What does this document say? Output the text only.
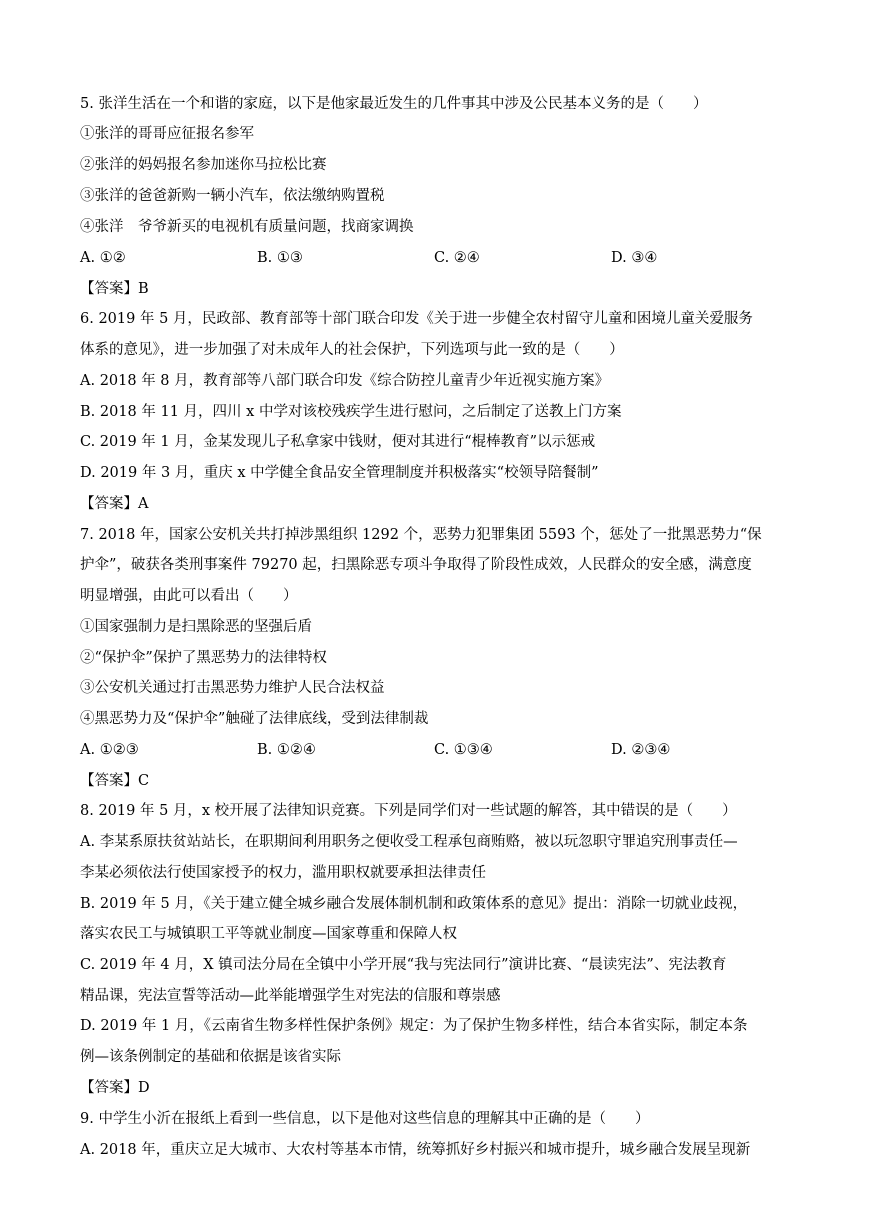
5. 张洋生活在一个和谐的家庭，以下是他家最近发生的几件事其中涉及公民基本义务的是（　　）
①张洋的哥哥应征报名参军
②张洋的妈妈报名参加迷你马拉松比赛
③张洋的爸爸新购一辆小汽车，依法缴纳购置税
④张洋　爷爷新买的电视机有质量问题，找商家调换
A. ①②	B. ①③	C. ②④	D. ③④
【答案】B
6. 2019 年 5 月，民政部、教育部等十部门联合印发《关于进一步健全农村留守儿童和困境儿童关爱服务
体系的意见》，进一步加强了对未成年人的社会保护，下列选项与此一致的是（　　）
A. 2018 年 8 月，教育部等八部门联合印发《综合防控儿童青少年近视实施方案》
B. 2018 年 11 月，四川 x 中学对该校残疾学生进行慰问，之后制定了送教上门方案
C. 2019 年 1 月，金某发现儿子私拿家中钱财，便对其进行“棍棒教育”以示惩戒
D. 2019 年 3 月，重庆 x 中学健全食品安全管理制度并积极落实“校领导陪餐制”
【答案】A
7. 2018 年，国家公安机关共打掉涉黑组织 1292 个，恶势力犯罪集团 5593 个，惩处了一批黑恶势力“保
护伞”，破获各类刑事案件 79270 起，扫黑除恶专项斗争取得了阶段性成效，人民群众的安全感，满意度
明显增强，由此可以看出（　　）
①国家强制力是扫黑除恶的坚强后盾
②“保护伞”保护了黑恶势力的法律特权
③公安机关通过打击黑恶势力维护人民合法权益
④黑恶势力及“保护伞”触碰了法律底线，受到法律制裁
A. ①②③	B. ①②④	C. ①③④	D. ②③④
【答案】C
8. 2019 年 5 月，x 校开展了法律知识竞赛。下列是同学们对一些试题的解答，其中错误的是（　　）
A. 李某系原扶贫站站长，在职期间利用职务之便收受工程承包商贿赂，被以玩忽职守罪追究刑事责任—
李某必须依法行使国家授予的权力，滥用职权就要承担法律责任
B. 2019 年 5 月，《关于建立健全城乡融合发展体制机制和政策体系的意见》提出：消除一切就业歧视，
落实农民工与城镇职工平等就业制度—国家尊重和保障人权
C. 2019 年 4 月，X 镇司法分局在全镇中小学开展“我与宪法同行”演讲比赛、“晨读宪法”、宪法教育
精品课，宪法宣誓等活动—此举能增强学生对宪法的信服和尊崇感
D. 2019 年 1 月，《云南省生物多样性保护条例》规定：为了保护生物多样性，结合本省实际，制定本条
例—该条例制定的基础和依据是该省实际
【答案】D
9. 中学生小沂在报纸上看到一些信息，以下是他对这些信息的理解其中正确的是（　　）
A. 2018 年，重庆立足大城市、大农村等基本市情，统筹抓好乡村振兴和城市提升，城乡融合发展呈现新
